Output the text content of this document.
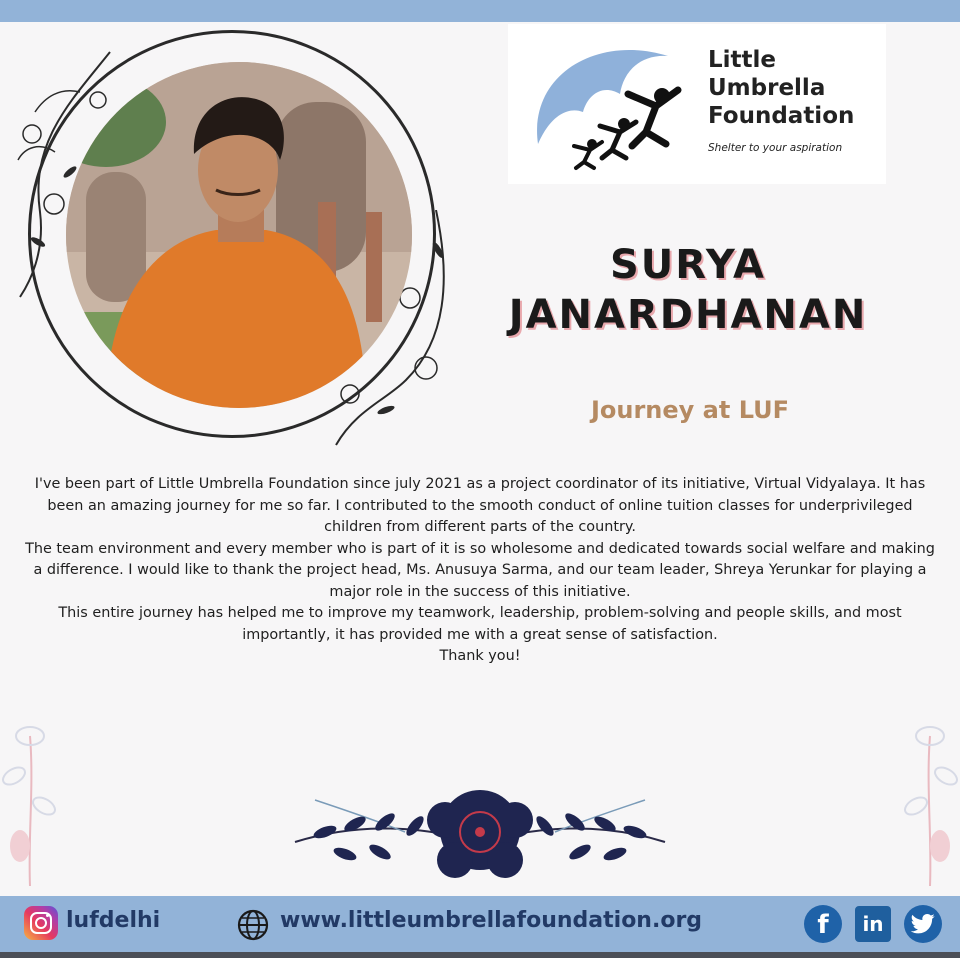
Little
Umbrella
Foundation
Shelter to your aspiration
SURYA JANARDHANAN
Journey at LUF

I've been part of Little Umbrella Foundation since july 2021 as a project coordinator of its initiative, Virtual Vidyalaya. It has been an amazing journey for me so far. I contributed to the smooth conduct of online tuition classes for underprivileged children from different parts of the country.

The team environment and every member who is part of it is so wholesome and dedicated towards social welfare and making a difference. I would like to thank the project head, Ms. Anusuya Sarma, and our team leader, Shreya Yerunkar for playing a major role in the success of this initiative.

This entire journey has helped me to improve my teamwork, leadership, problem-solving and people skills, and most importantly, it has provided me with a great sense of satisfaction.

Thank you!

lufdelhi	www.littleumbrellafoundation.org	f	in
